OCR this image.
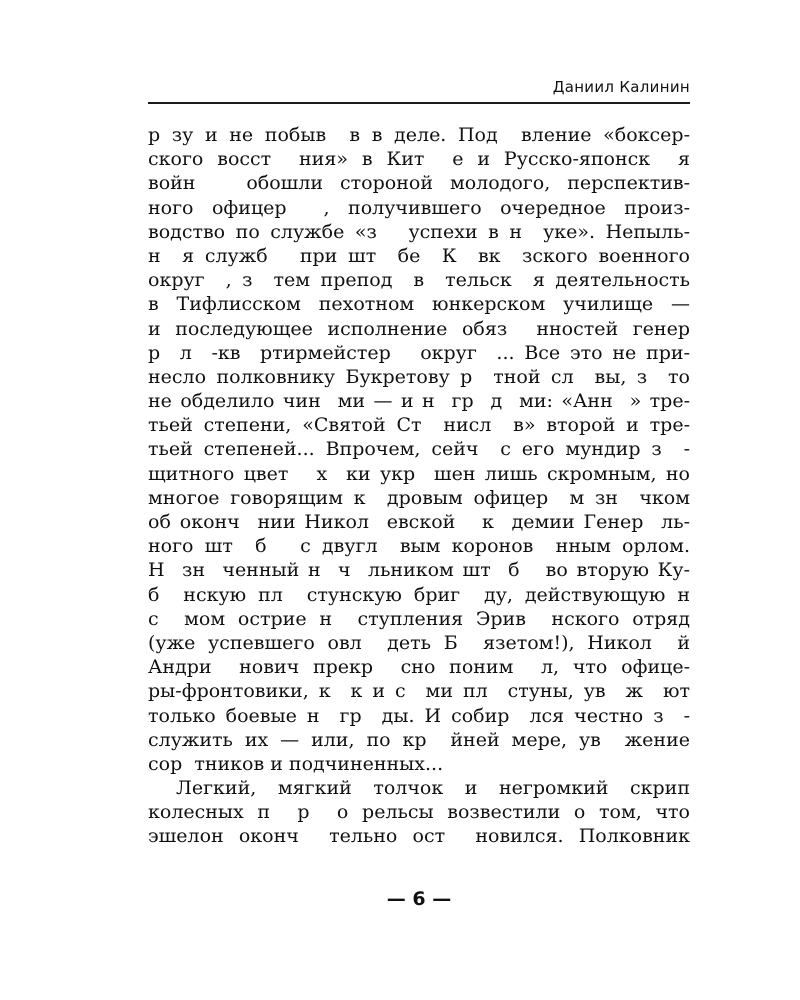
Даниил Калинин
р зу и не побыв  в в деле. Под  вление «боксер-
ского восст  ния» в Кит  е и Русско-японск  я
войн   обошли стороной молодого, перспектив-
ного офицер  , получившего очередное произ-
водство по службе «з   успехи в н  уке». Непыль-
н  я служб   при шт  бе  К  вк  зского военного
округ  , з  тем препод  в  тельск  я деятельность
в Тифлисском пехотном юнкерском училище —
и последующее исполнение обяз  нностей генер
р  л  -кв  ртирмейстер   округ  ... Все это не при-
несло полковнику Букретову р  тной сл  вы, з  то
не обделило чин  ми — и н  гр  д  ми: «Анн  » тре-
тьей степени, «Святой Ст  нисл  в» второй и тре-
тьей степеней... Впрочем, сейч  с его мундир з  -
щитного цвет   х  ки укр  шен лишь скромным, но
многое говорящим к  дровым офицер  м зн  чком
об оконч  нии Никол  евской   к  демии Генер  ль-
ного шт  б   с двугл  вым коронов  нным орлом.
Н  зн  ченный н  ч  льником шт  б   во вторую Ку-
б  нскую пл  стунскую бриг  ду, действующую н
с  мом острие н  ступления Эрив  нского отряд
(уже успевшего овл  деть Б  язетом!), Никол  й
Андри  нович прекр  сно поним  л, что офице-
ры-фронтовики, к  к и с  ми пл  стуны, ув  ж  ют
только боевые н  гр  ды. И собир  лся честно з  -
служить их — или, по кр  йней мере, ув  жение
сор  тников и подчиненных...
Легкий, мягкий толчок и негромкий скрип
колесных п  р  о рельсы возвестили о том, что
эшелон оконч  тельно ост  новился. Полковник
— 6 —
